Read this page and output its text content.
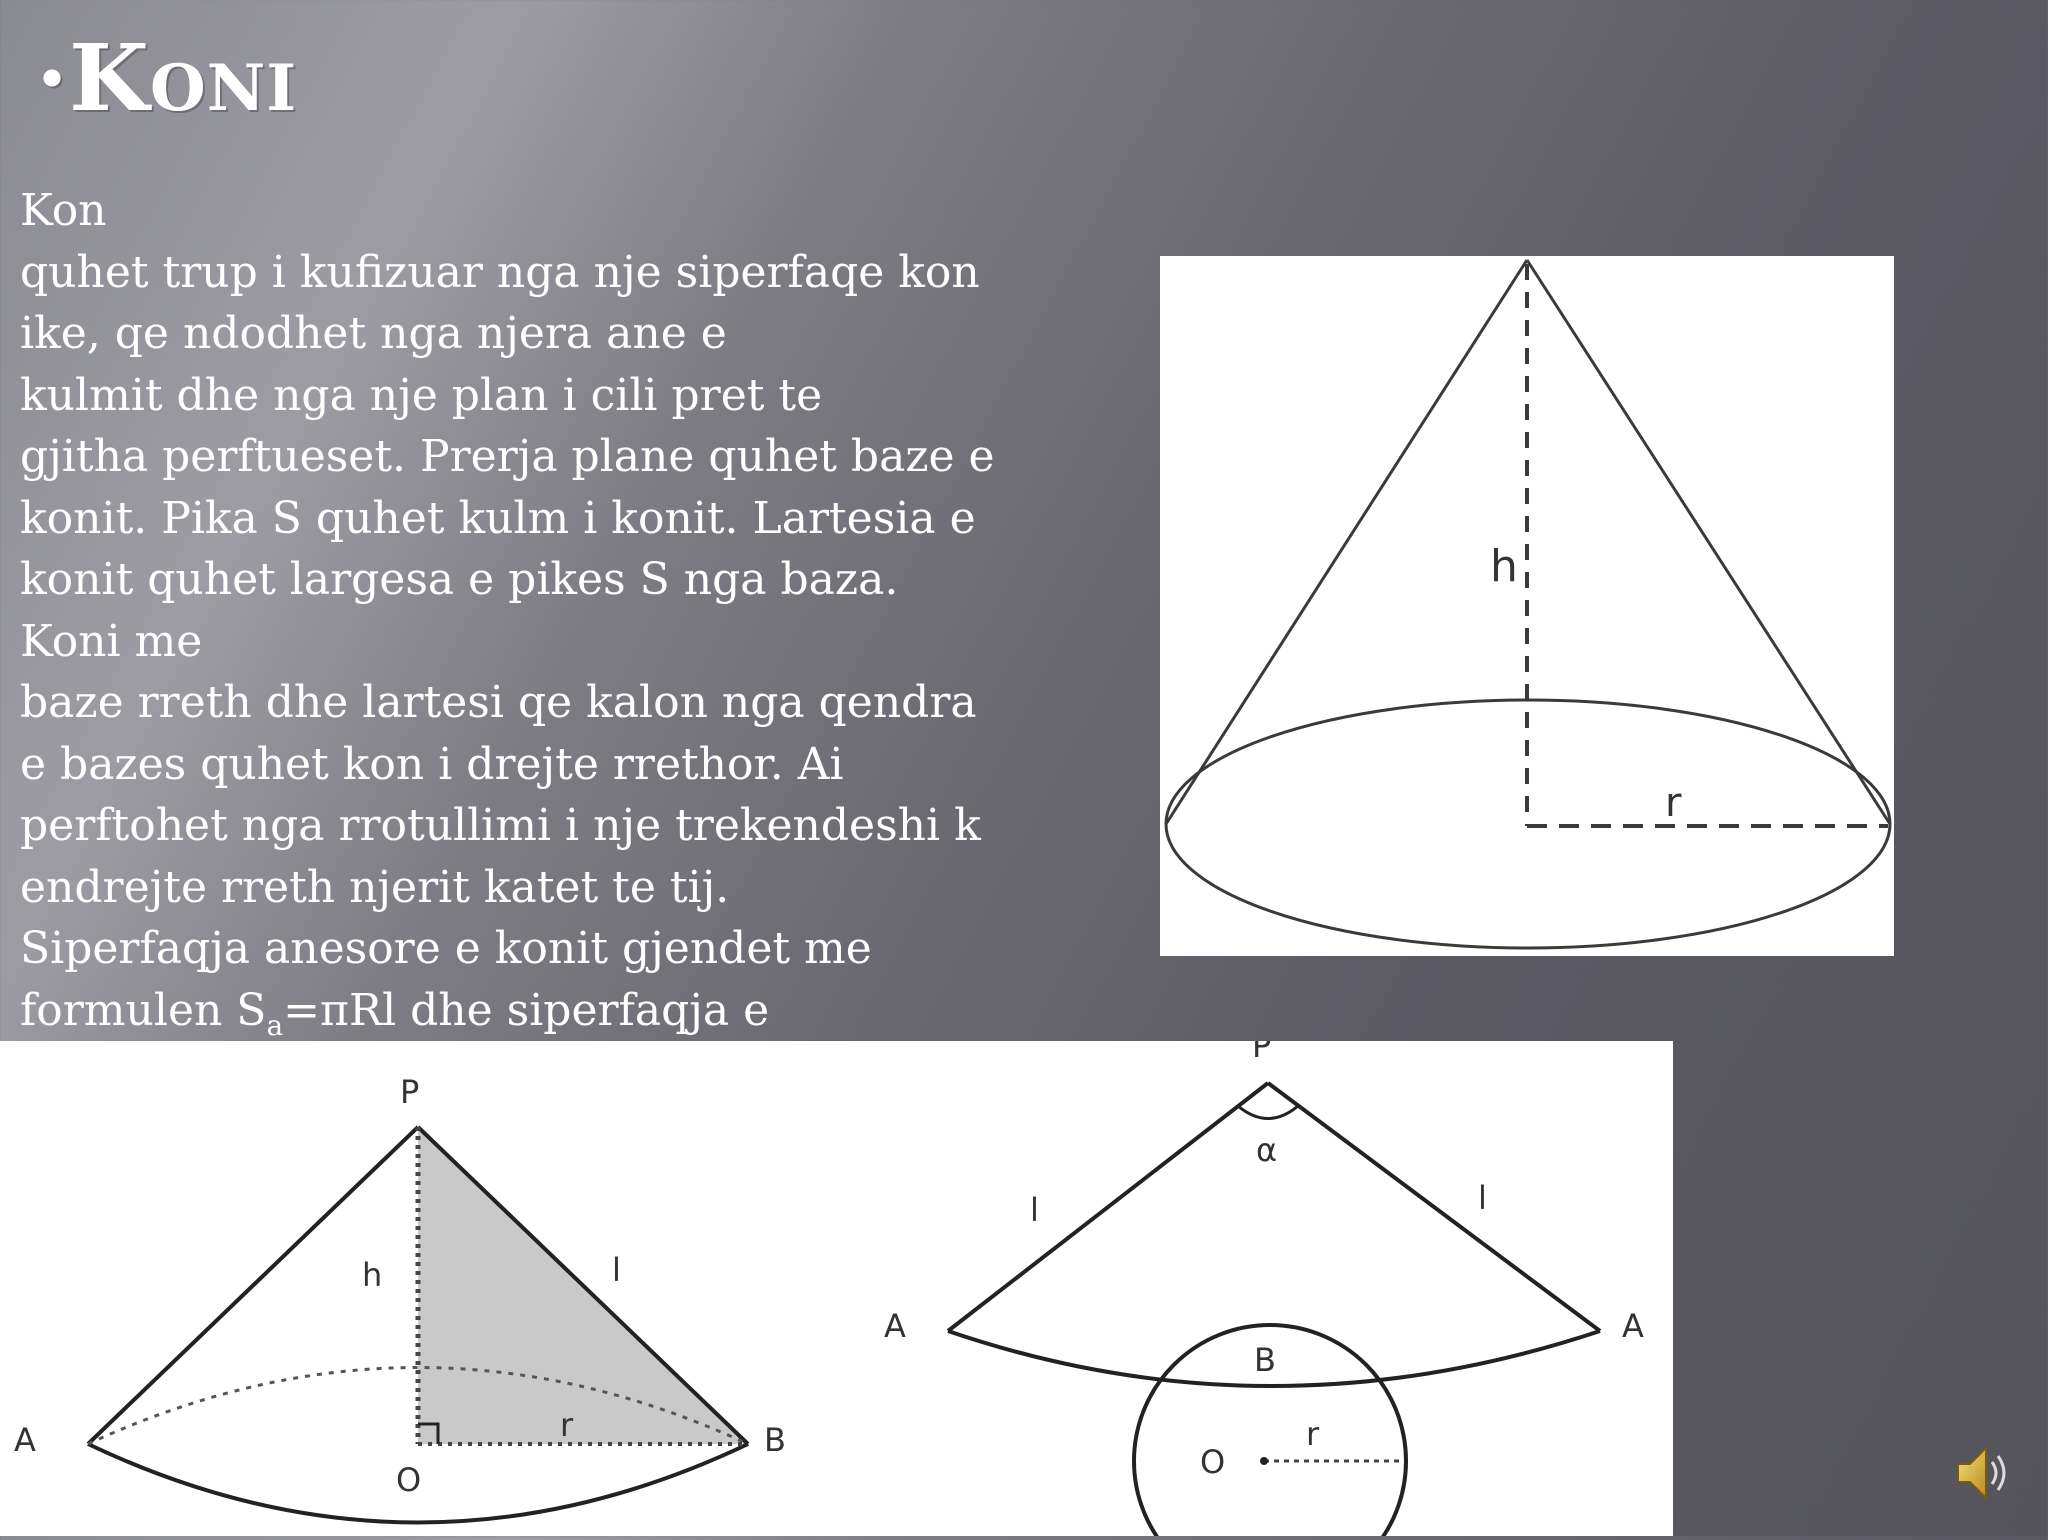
·Koni
Kon
quhet trup i kufizuar nga nje siperfaqe kon
ike, qe ndodhet nga njera ane e
kulmit dhe nga nje plan i cili pret te
gjitha perftueset. Prerja plane quhet baze e
konit. Pika S quhet kulm i konit. Lartesia e
konit quhet largesa e pikes S nga baza.
Koni me
baze rreth dhe lartesi qe kalon nga qendra
e bazes quhet kon i drejte rrethor. Ai
perftohet nga rrotullimi i nje trekendeshi k
endrejte rreth njerit katet te tij.
Siperfaqja anesore e konit gjendet me
formulen $S_a=\pi Rl$ dhe siperfaqja e
h
r
P
h	l
A	B
O
r
P
α
l	l
A	A
B
O
r
